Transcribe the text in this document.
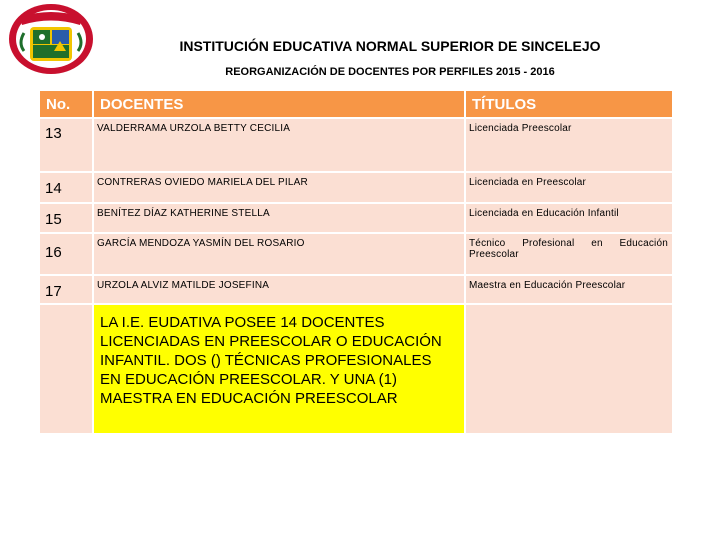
INSTITUCIÓN EDUCATIVA NORMAL SUPERIOR DE SINCELEJO
REORGANIZACIÓN DE DOCENTES POR PERFILES 2015 - 2016
No.	DOCENTES	TÍTULOS
13	VALDERRAMA URZOLA BETTY CECILIA	Licenciada Preescolar
14	CONTRERAS OVIEDO MARIELA DEL PILAR	Licenciada en Preescolar
15	BENÍTEZ DÍAZ KATHERINE STELLA	Licenciada en Educación Infantil
16	GARCÍA MENDOZA YASMÍN DEL ROSARIO	Técnico Profesional en Educación Preescolar
17	URZOLA ALVIZ MATILDE JOSEFINA	Maestra en Educación Preescolar

	LA I.E. EUDATIVA POSEE 14 DOCENTES LICENCIADAS EN PREESCOLAR O EDUCACIÓN INFANTIL. DOS () TÉCNICAS PROFESIONALES EN EDUCACIÓN PREESCOLAR. Y UNA (1) MAESTRA EN EDUCACIÓN PREESCOLAR	
